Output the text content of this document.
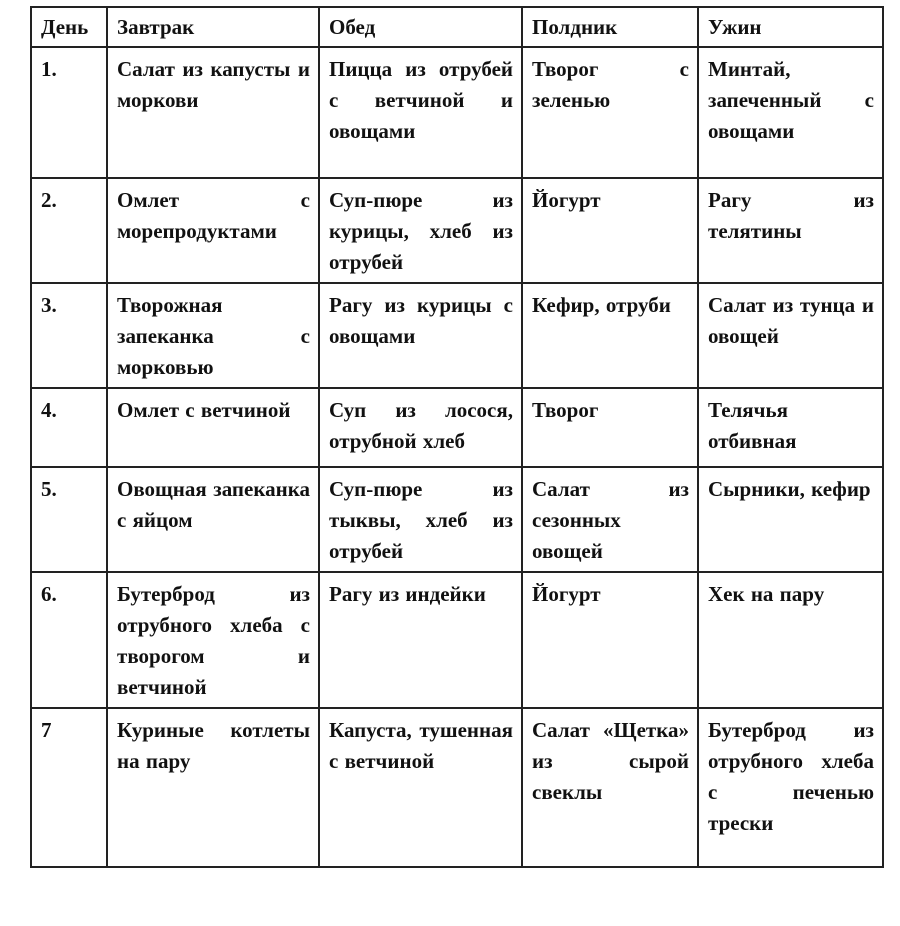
День	Завтрак	Обед	Полдник	Ужин
1.	Салат из капусты и моркови	Пицца из отрубей с ветчиной и овощами	Творог с зеленью	Минтай, запеченный с овощами
2.	Омлет с морепродуктами	Суп-пюре из курицы, хлеб из отрубей	Йогурт	Рагу из телятины
3.	Творожная запеканка с морковью	Рагу из курицы с овощами	Кефир, отруби	Салат из тунца и овощей
4.	Омлет с ветчиной	Суп из лосося, отрубной хлеб	Творог	Телячья отбивная
5.	Овощная запеканка с яйцом	Суп-пюре из тыквы, хлеб из отрубей	Салат из сезонных овощей	Сырники, кефир
6.	Бутерброд из отрубного хлеба с творогом и ветчиной	Рагу из индейки	Йогурт	Хек на пару
7	Куриные котлеты на пару	Капуста, тушенная с ветчиной	Салат «Щетка» из сырой свеклы	Бутерброд из отрубного хлеба с печенью трески
